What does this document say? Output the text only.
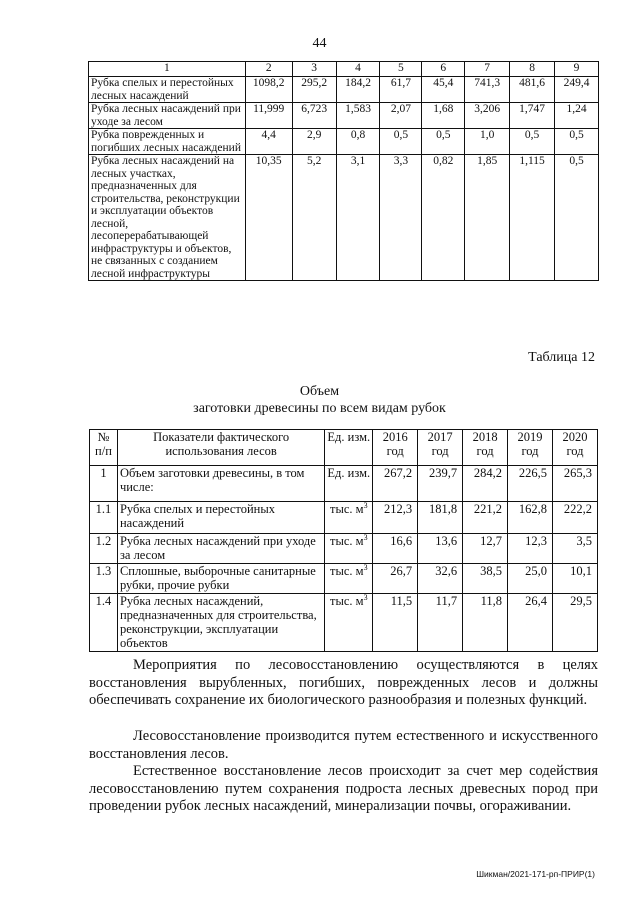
44
1	2	3	4	5	6	7	8	9
Рубка спелых и перестойных лесных насаждений	1098,2	295,2	184,2	61,7	45,4	741,3	481,6	249,4
Рубка лесных насаждений при уходе за лесом	11,999	6,723	1,583	2,07	1,68	3,206	1,747	1,24
Рубка поврежденных и погибших лесных насаждений	4,4	2,9	0,8	0,5	0,5	1,0	0,5	0,5
Рубка лесных насаждений на лесных участках, предназначенных для строительства, реконструкции и эксплуатации объектов лесной, лесоперерабатывающей инфраструктуры и объектов, не связанных с созданием лесной инфраструктуры	10,35	5,2	3,1	3,3	0,82	1,85	1,115	0,5
Таблица 12
Объем
заготовки древесины по всем видам рубок
№ п/п	Показатели фактического использования лесов	Ед. изм.	2016 год	2017 год	2018 год	2019 год	2020 год
1	Объем заготовки древесины, в том числе:	Ед. изм.	267,2	239,7	284,2	226,5	265,3
1.1	Рубка спелых и перестойных насаждений	тыс. $м^3$	212,3	181,8	221,2	162,8	222,2
1.2	Рубка лесных насаждений при уходе за лесом	тыс. $м^3$	16,6	13,6	12,7	12,3	3,5
1.3	Сплошные, выборочные санитарные рубки, прочие рубки	тыс. $м^3$	26,7	32,6	38,5	25,0	10,1
1.4	Рубка лесных насаждений, предназначенных для строительства, реконструкции, эксплуатации объектов	тыс. $м^3$	11,5	11,7	11,8	26,4	29,5

Мероприятия по лесовосстановлению осуществляются в целях восстановления вырубленных, погибших, поврежденных лесов и должны обеспечивать сохранение их биологического разнообразия и полезных функций.

Лесовосстановление производится путем естественного и искусственного восстановления лесов.

Естественное восстановление лесов происходит за счет мер содействия лесовосстановлению путем сохранения подроста лесных древесных пород при проведении рубок лесных насаждений, минерализации почвы, огораживании.

Шикман/2021-171-рп-ПРИР(1)
